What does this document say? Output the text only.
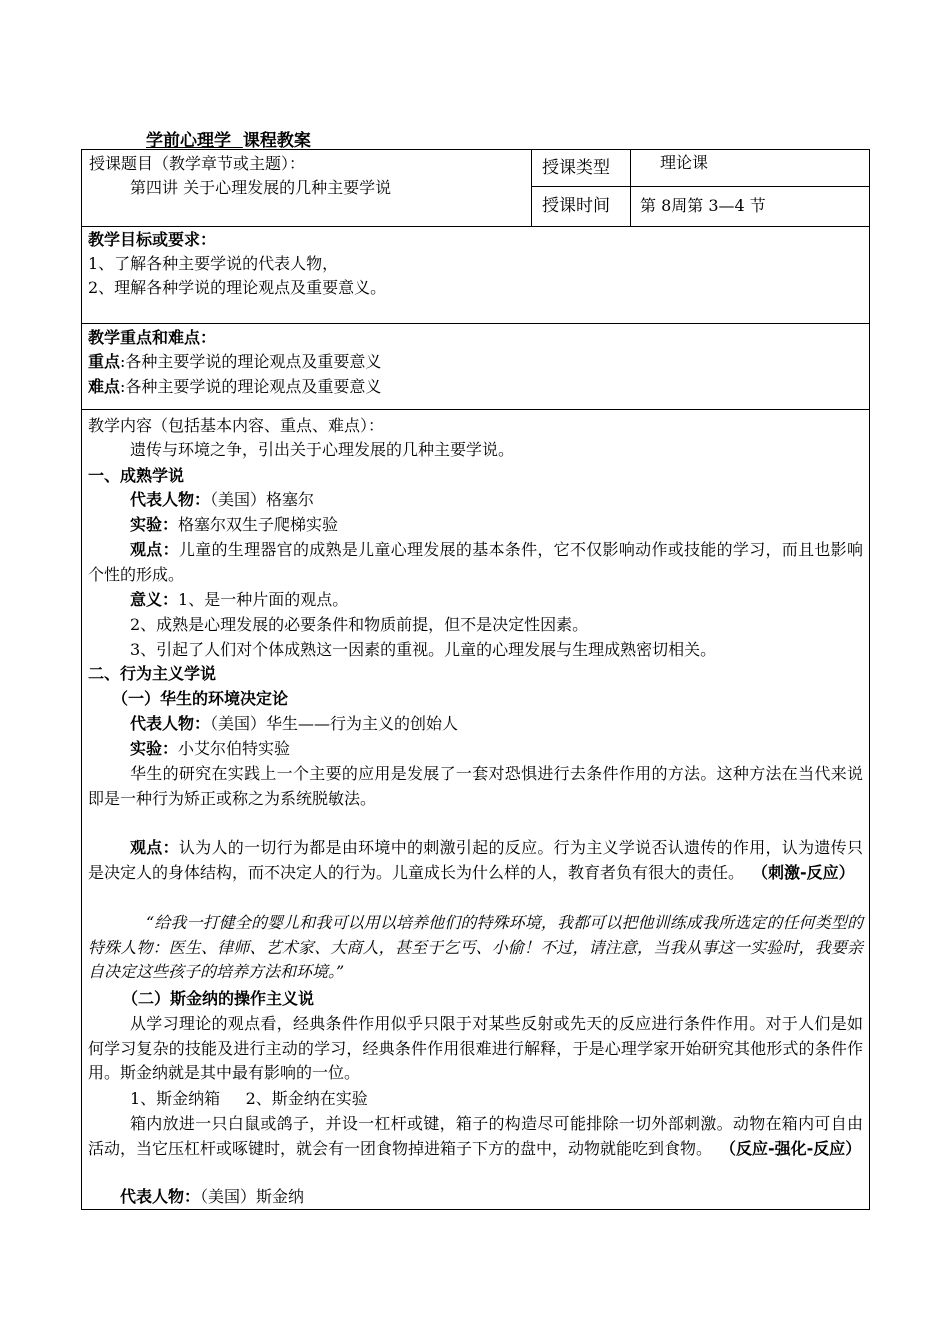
学前心理学 课程教案
授课题目（教学章节或主题）：
第四讲 关于心理发展的几种主要学说
授课类型	理论课
授课时间 第 8周第 3—4 节
教学目标或要求：
1、了解各种主要学说的代表人物，
2、理解各种学说的理论观点及重要意义。
教学重点和难点：
重点:各种主要学说的理论观点及重要意义
难点:各种主要学说的理论观点及重要意义
教学内容（包括基本内容、重点、难点）：
遗传与环境之争，引出关于心理发展的几种主要学说。
一、成熟学说
代表人物：（美国）格塞尔
实验：格塞尔双生子爬梯实验
观点：儿童的生理器官的成熟是儿童心理发展的基本条件，它不仅影响动作或技能的学习，而且也影响个性的形成。
意义：1、是一种片面的观点。
2、成熟是心理发展的必要条件和物质前提，但不是决定性因素。
3、引起了人们对个体成熟这一因素的重视。儿童的心理发展与生理成熟密切相关。
二、行为主义学说
（一）华生的环境决定论
代表人物：（美国）华生——行为主义的创始人
实验：小艾尔伯特实验
华生的研究在实践上一个主要的应用是发展了一套对恐惧进行去条件作用的方法。这种方法在当代来说即是一种行为矫正或称之为系统脱敏法。
观点：认为人的一切行为都是由环境中的刺激引起的反应。行为主义学说否认遗传的作用，认为遗传只是决定人的身体结构，而不决定人的行为。儿童成长为什么样的人，教育者负有很大的责任。 （刺激-反应）
“给我一打健全的婴儿和我可以用以培养他们的特殊环境，我都可以把他训练成我所选定的任何类型的特殊人物：医生、律师、艺术家、大商人，甚至于乞丐、小偷！不过，请注意，当我从事这一实验时，我要亲自决定这些孩子的培养方法和环境。”
（二）斯金纳的操作主义说
从学习理论的观点看，经典条件作用似乎只限于对某些反射或先天的反应进行条件作用。对于人们是如何学习复杂的技能及进行主动的学习，经典条件作用很难进行解释，于是心理学家开始研究其他形式的条件作用。斯金纳就是其中最有影响的一位。
1、斯金纳箱     2、斯金纳在实验
箱内放进一只白鼠或鸽子，并设一杠杆或键，箱子的构造尽可能排除一切外部刺激。动物在箱内可自由活动，当它压杠杆或啄键时，就会有一团食物掉进箱子下方的盘中，动物就能吃到食物。 （反应-强化-反应）
代表人物：（美国）斯金纳
